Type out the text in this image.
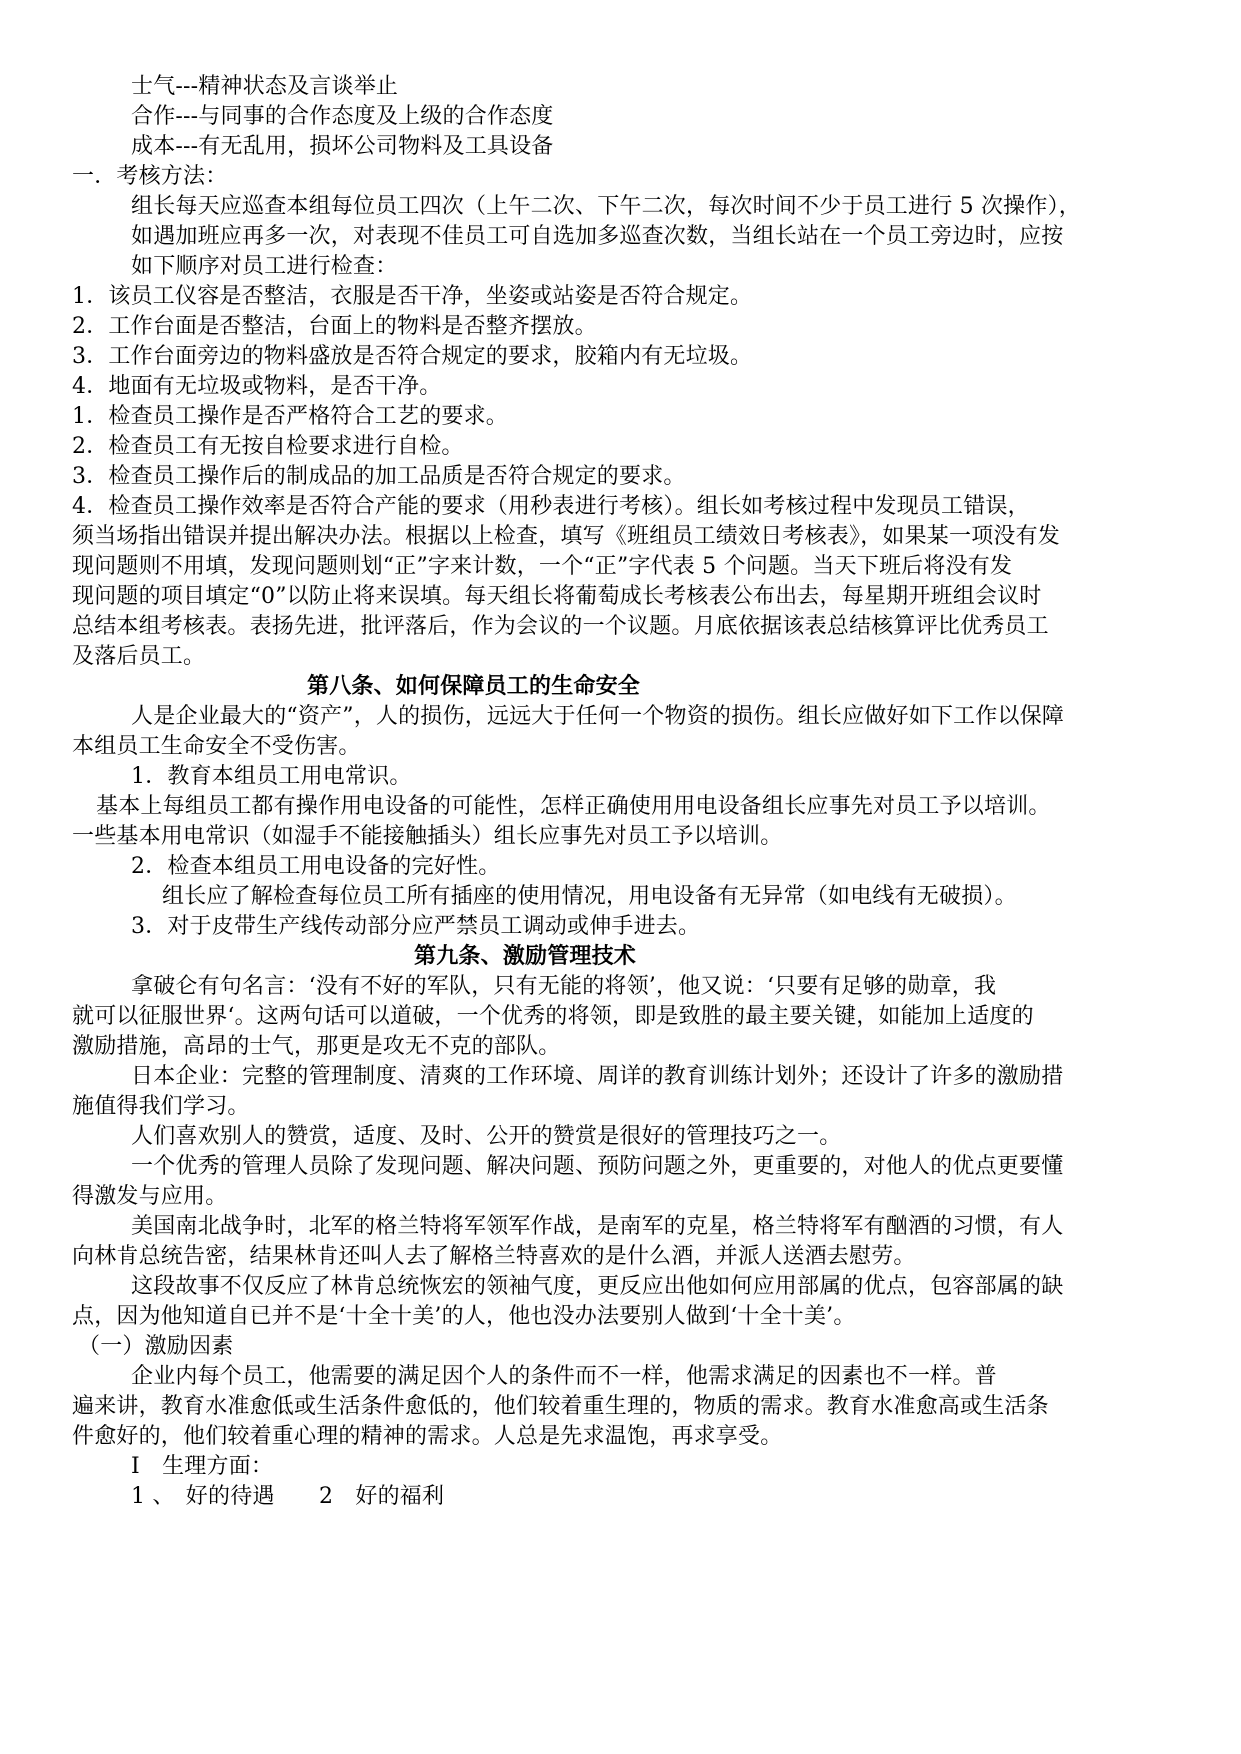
士气---精神状态及言谈举止

合作---与同事的合作态度及上级的合作态度

成本---有无乱用，损坏公司物料及工具设备

一．考核方法：

组长每天应巡查本组每位员工四次（上午二次、下午二次，每次时间不少于员工进行 5 次操作），

如遇加班应再多一次，对表现不佳员工可自选加多巡查次数，当组长站在一个员工旁边时，应按

如下顺序对员工进行检查：

1．该员工仪容是否整洁，衣服是否干净，坐姿或站姿是否符合规定。

2．工作台面是否整洁，台面上的物料是否整齐摆放。

3．工作台面旁边的物料盛放是否符合规定的要求，胶箱内有无垃圾。

4．地面有无垃圾或物料，是否干净。

1．检查员工操作是否严格符合工艺的要求。

2．检查员工有无按自检要求进行自检。

3．检查员工操作后的制成品的加工品质是否符合规定的要求。

4．检查员工操作效率是否符合产能的要求（用秒表进行考核）。组长如考核过程中发现员工错误，

须当场指出错误并提出解决办法。根据以上检查，填写《班组员工绩效日考核表》，如果某一项没有发

现问题则不用填，发现问题则划“正”字来计数，一个“正”字代表 5 个问题。当天下班后将没有发

现问题的项目填定“0”以防止将来误填。每天组长将葡萄成长考核表公布出去，每星期开班组会议时

总结本组考核表。表扬先进，批评落后，作为会议的一个议题。月底依据该表总结核算评比优秀员工

及落后员工。

第八条、如何保障员工的生命安全

人是企业最大的“资产”，人的损伤，远远大于任何一个物资的损伤。组长应做好如下工作以保障

本组员工生命安全不受伤害。

1．教育本组员工用电常识。

基本上每组员工都有操作用电设备的可能性，怎样正确使用用电设备组长应事先对员工予以培训。

一些基本用电常识（如湿手不能接触插头）组长应事先对员工予以培训。

2．检查本组员工用电设备的完好性。

组长应了解检查每位员工所有插座的使用情况，用电设备有无异常（如电线有无破损）。

3．对于皮带生产线传动部分应严禁员工调动或伸手进去。

第九条、激励管理技术

拿破仑有句名言：‘没有不好的军队，只有无能的将领’，他又说：‘只要有足够的勋章，我

就可以征服世界‘。这两句话可以道破，一个优秀的将领，即是致胜的最主要关键，如能加上适度的

激励措施，高昂的士气，那更是攻无不克的部队。

日本企业：完整的管理制度、清爽的工作环境、周详的教育训练计划外；还设计了许多的激励措

施值得我们学习。

人们喜欢别人的赞赏，适度、及时、公开的赞赏是很好的管理技巧之一。

一个优秀的管理人员除了发现问题、解决问题、预防问题之外，更重要的，对他人的优点更要懂

得激发与应用。

美国南北战争时，北军的格兰特将军领军作战，是南军的克星，格兰特将军有酗酒的习惯，有人

向林肯总统告密，结果林肯还叫人去了解格兰特喜欢的是什么酒，并派人送酒去慰劳。

这段故事不仅反应了林肯总统恢宏的领袖气度，更反应出他如何应用部属的优点，包容部属的缺

点，因为他知道自已并不是‘十全十美’的人，他也没办法要别人做到‘十全十美’。

（一）激励因素

企业内每个员工，他需要的满足因个人的条件而不一样，他需求满足的因素也不一样。普

遍来讲，教育水准愈低或生活条件愈低的，他们较着重生理的，物质的需求。教育水准愈高或生活条

件愈好的，他们较着重心理的精神的需求。人总是先求温饱，再求享受。

I　生理方面：

1 、　好的待遇　　2　好的福利
